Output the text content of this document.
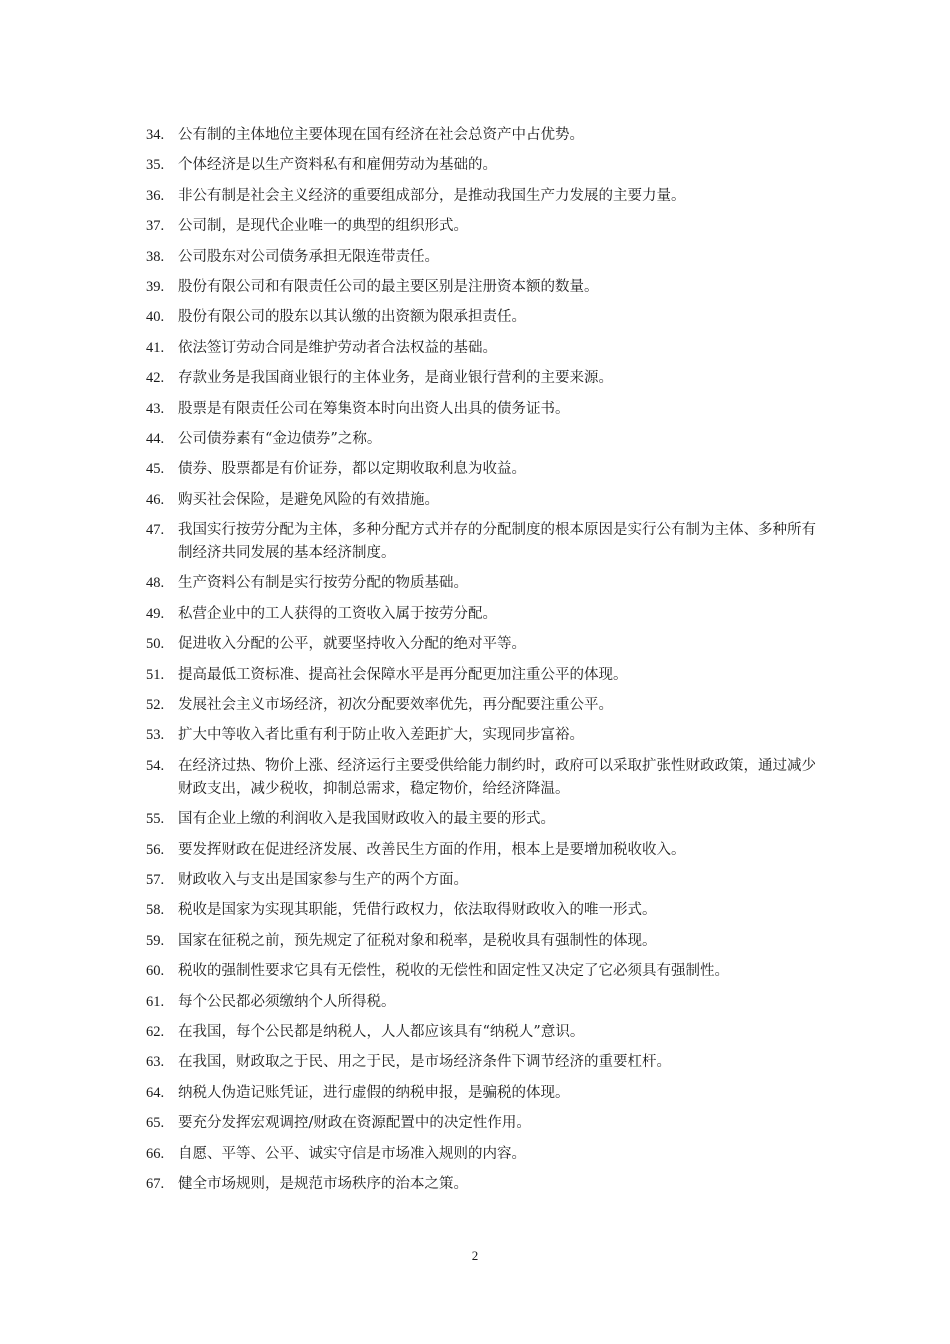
34. 公有制的主体地位主要体现在国有经济在社会总资产中占优势。
35. 个体经济是以生产资料私有和雇佣劳动为基础的。
36. 非公有制是社会主义经济的重要组成部分，是推动我国生产力发展的主要力量。
37. 公司制，是现代企业唯一的典型的组织形式。
38. 公司股东对公司债务承担无限连带责任。
39. 股份有限公司和有限责任公司的最主要区别是注册资本额的数量。
40. 股份有限公司的股东以其认缴的出资额为限承担责任。
41. 依法签订劳动合同是维护劳动者合法权益的基础。
42. 存款业务是我国商业银行的主体业务，是商业银行营利的主要来源。
43. 股票是有限责任公司在筹集资本时向出资人出具的债务证书。
44. 公司债券素有“金边债券”之称。
45. 债券、股票都是有价证券，都以定期收取利息为收益。
46. 购买社会保险，是避免风险的有效措施。
47. 我国实行按劳分配为主体，多种分配方式并存的分配制度的根本原因是实行公有制为主体、多种所有制经济共同发展的基本经济制度。
48. 生产资料公有制是实行按劳分配的物质基础。
49. 私营企业中的工人获得的工资收入属于按劳分配。
50. 促进收入分配的公平，就要坚持收入分配的绝对平等。
51. 提高最低工资标准、提高社会保障水平是再分配更加注重公平的体现。
52. 发展社会主义市场经济，初次分配要效率优先，再分配要注重公平。
53. 扩大中等收入者比重有利于防止收入差距扩大，实现同步富裕。
54. 在经济过热、物价上涨、经济运行主要受供给能力制约时，政府可以采取扩张性财政政策，通过减少财政支出，减少税收，抑制总需求，稳定物价，给经济降温。
55. 国有企业上缴的利润收入是我国财政收入的最主要的形式。
56. 要发挥财政在促进经济发展、改善民生方面的作用，根本上是要增加税收收入。
57. 财政收入与支出是国家参与生产的两个方面。
58. 税收是国家为实现其职能，凭借行政权力，依法取得财政收入的唯一形式。
59. 国家在征税之前，预先规定了征税对象和税率，是税收具有强制性的体现。
60. 税收的强制性要求它具有无偿性，税收的无偿性和固定性又决定了它必须具有强制性。
61. 每个公民都必须缴纳个人所得税。
62. 在我国，每个公民都是纳税人，人人都应该具有“纳税人”意识。
63. 在我国，财政取之于民、用之于民，是市场经济条件下调节经济的重要杠杆。
64. 纳税人伪造记账凭证，进行虚假的纳税申报，是骗税的体现。
65. 要充分发挥宏观调控/财政在资源配置中的决定性作用。
66. 自愿、平等、公平、诚实守信是市场准入规则的内容。
67. 健全市场规则，是规范市场秩序的治本之策。
2
